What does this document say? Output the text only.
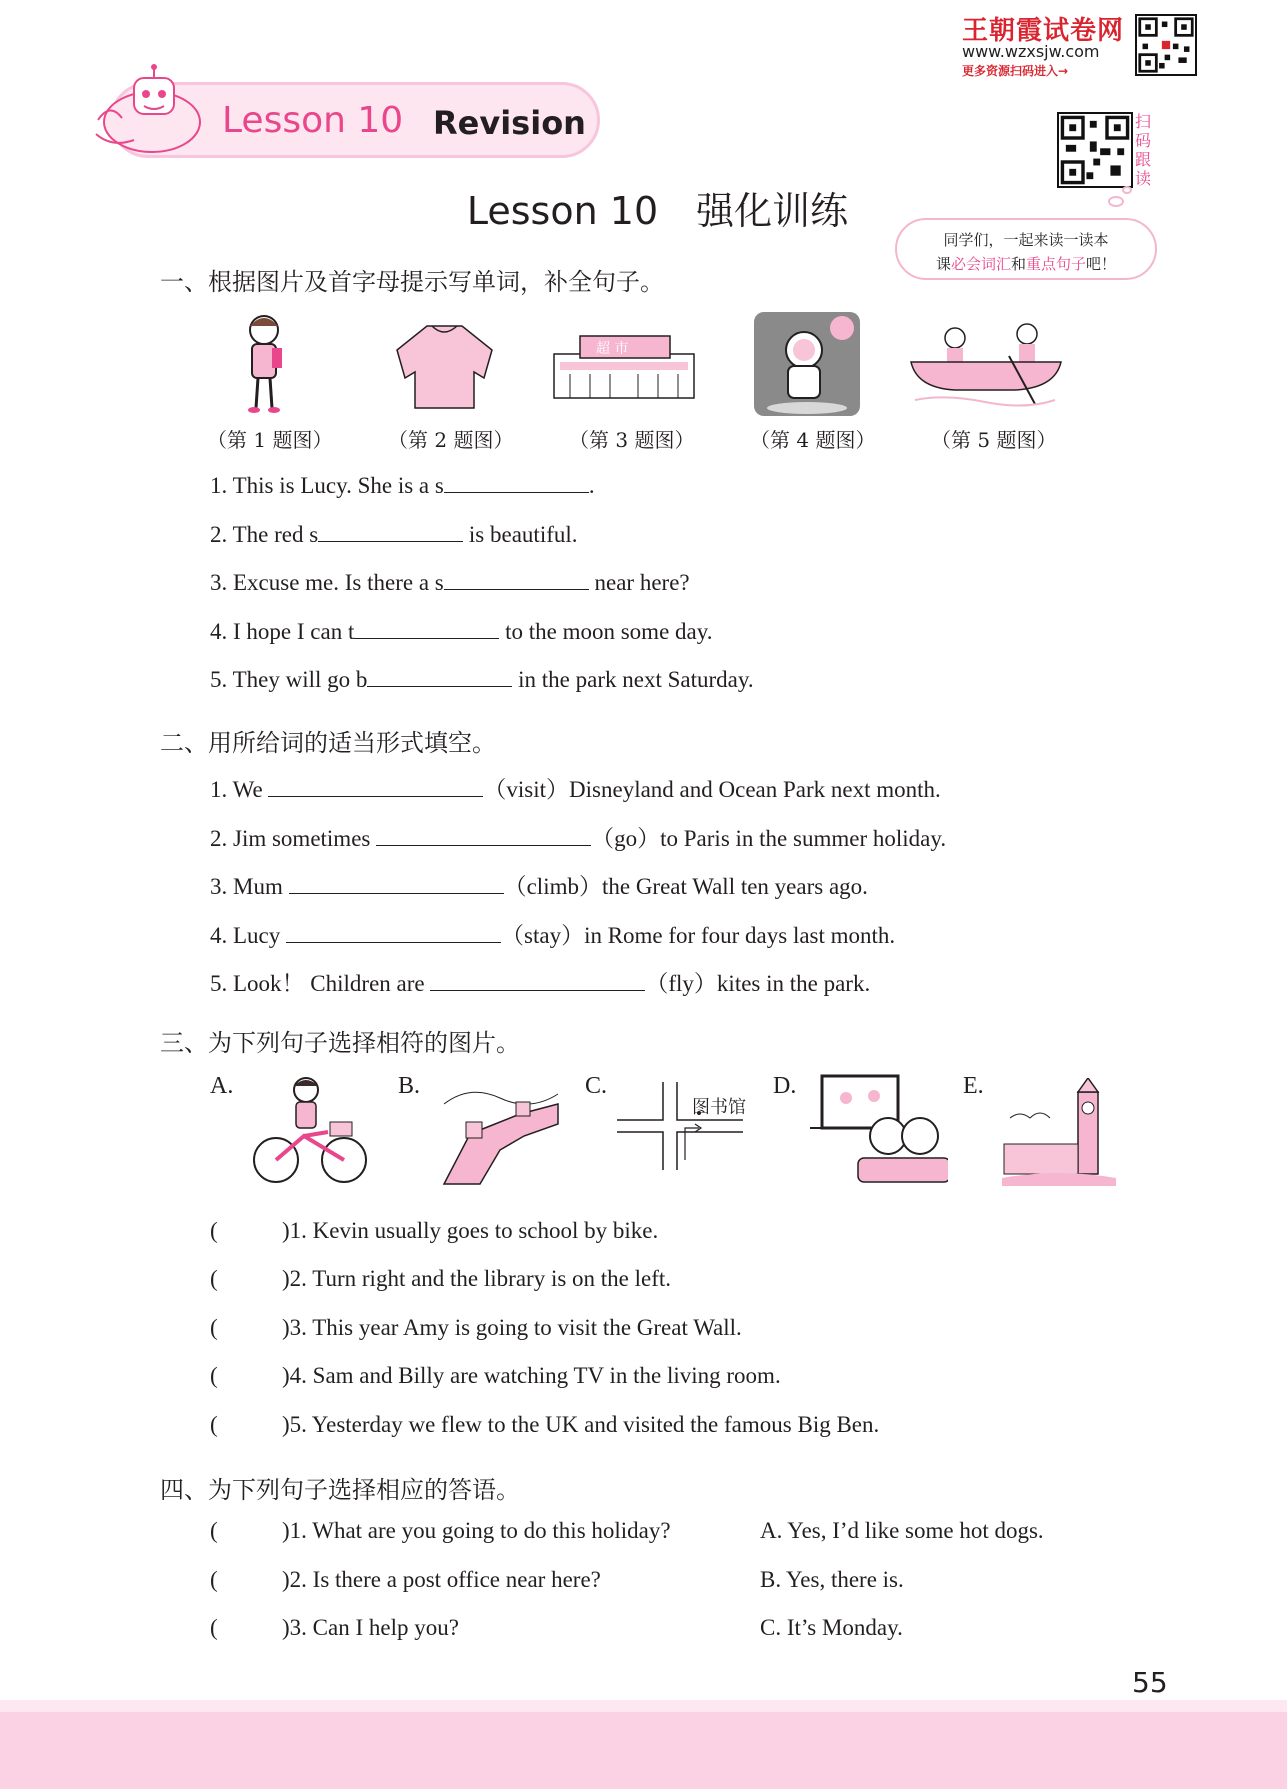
Lesson 10 Revision
王朝霞试卷网
www.wzxsjw.com
更多资源扫码进入→
扫码跟读
Lesson 10　强化训练
同学们，一起来读一读本
课必会词汇和重点句子吧！
一、根据图片及首字母提示写单词，补全句子。
超 市
（第 1 题图）	（第 2 题图）	（第 3 题图）	（第 4 题图）	（第 5 题图）
1. This is Lucy. She is a s	.
2. The red s	is beautiful.
3. Excuse me. Is there a s	near here?
4. I hope I can t	to the moon some day.
5. They will go b	in the park next Saturday.
二、用所给词的适当形式填空。
1. We	（visit）Disneyland and Ocean Park next month.
2. Jim sometimes	（go）to Paris in the summer holiday.
3. Mum	（climb）the Great Wall ten years ago.
4. Lucy	（stay）in Rome for four days last month.
5. Look！ Children are	（fly）kites in the park.
三、为下列句子选择相符的图片。
A.	B.	C.
图书馆
D.	E.
(	)1. Kevin usually goes to school by bike.
(	)2. Turn right and the library is on the left.
(	)3. This year Amy is going to visit the Great Wall.
(	)4. Sam and Billy are watching TV in the living room.
(	)5. Yesterday we flew to the UK and visited the famous Big Ben.
四、为下列句子选择相应的答语。
(	)1. What are you going to do this holiday?	A. Yes, I’d like some hot dogs.
(	)2. Is there a post office near here?	B. Yes, there is.
(	)3. Can I help you?	C. It’s Monday.
55
